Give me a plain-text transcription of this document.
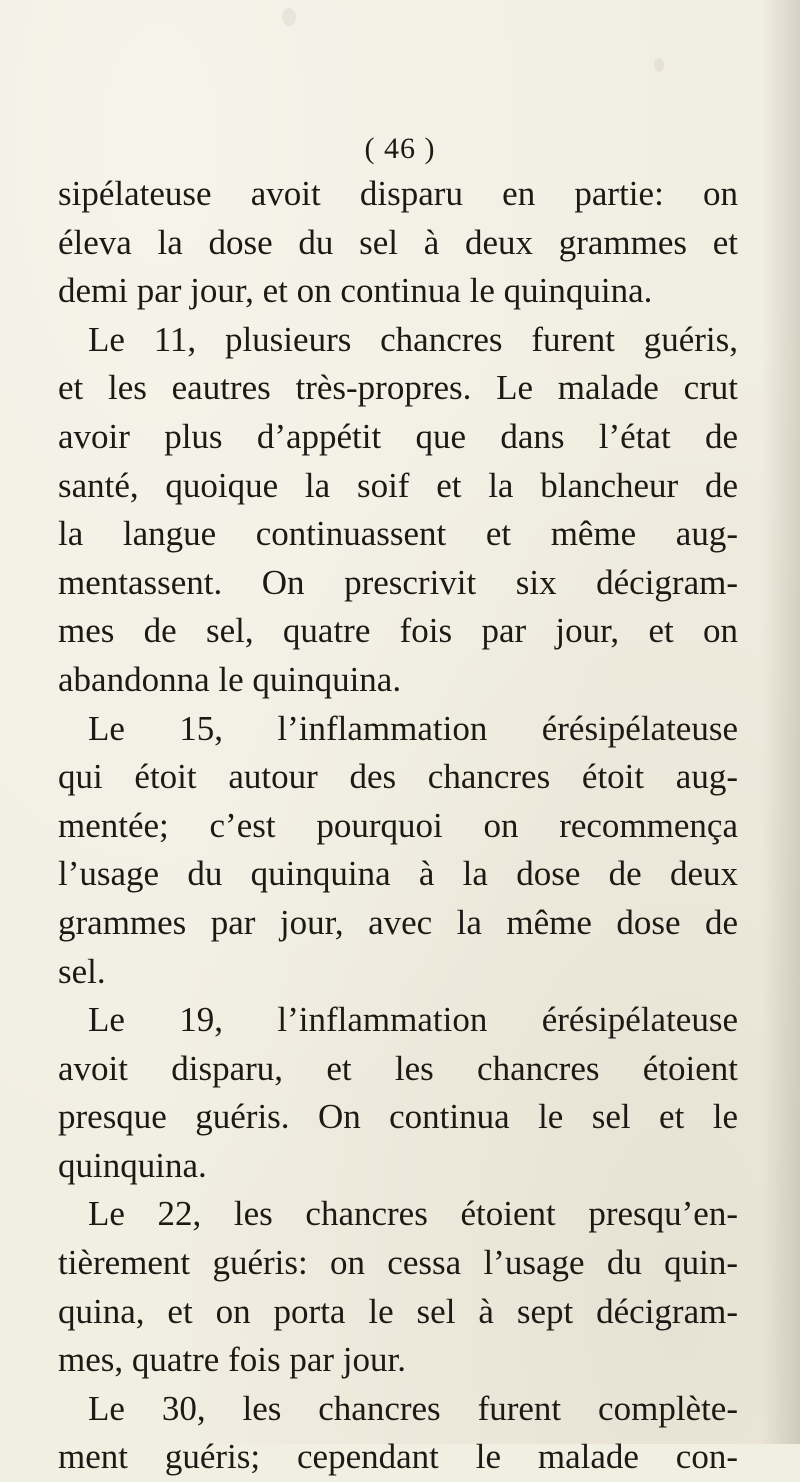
( 46 )
sipélateuse avoit disparu en partie: on
éleva la dose du sel à deux grammes et
demi par jour, et on continua le quinquina.
Le 11, plusieurs chancres furent guéris,
et les eautres très-propres. Le malade crut
avoir plus d’appétit que dans l’état de
santé, quoique la soif et la blancheur de
la langue continuassent et même aug-
mentassent. On prescrivit six décigram-
mes de sel, quatre fois par jour, et on
abandonna le quinquina.
Le 15, l’inflammation érésipélateuse
qui étoit autour des chancres étoit aug-
mentée; c’est pourquoi on recommença
l’usage du quinquina à la dose de deux
grammes par jour, avec la même dose de
sel.
Le 19, l’inflammation érésipélateuse
avoit disparu, et les chancres étoient
presque guéris. On continua le sel et le
quinquina.
Le 22, les chancres étoient presqu’en-
tièrement guéris: on cessa l’usage du quin-
quina, et on porta le sel à sept décigram-
mes, quatre fois par jour.
Le 30, les chancres furent complète-
ment guéris; cependant le malade con-
